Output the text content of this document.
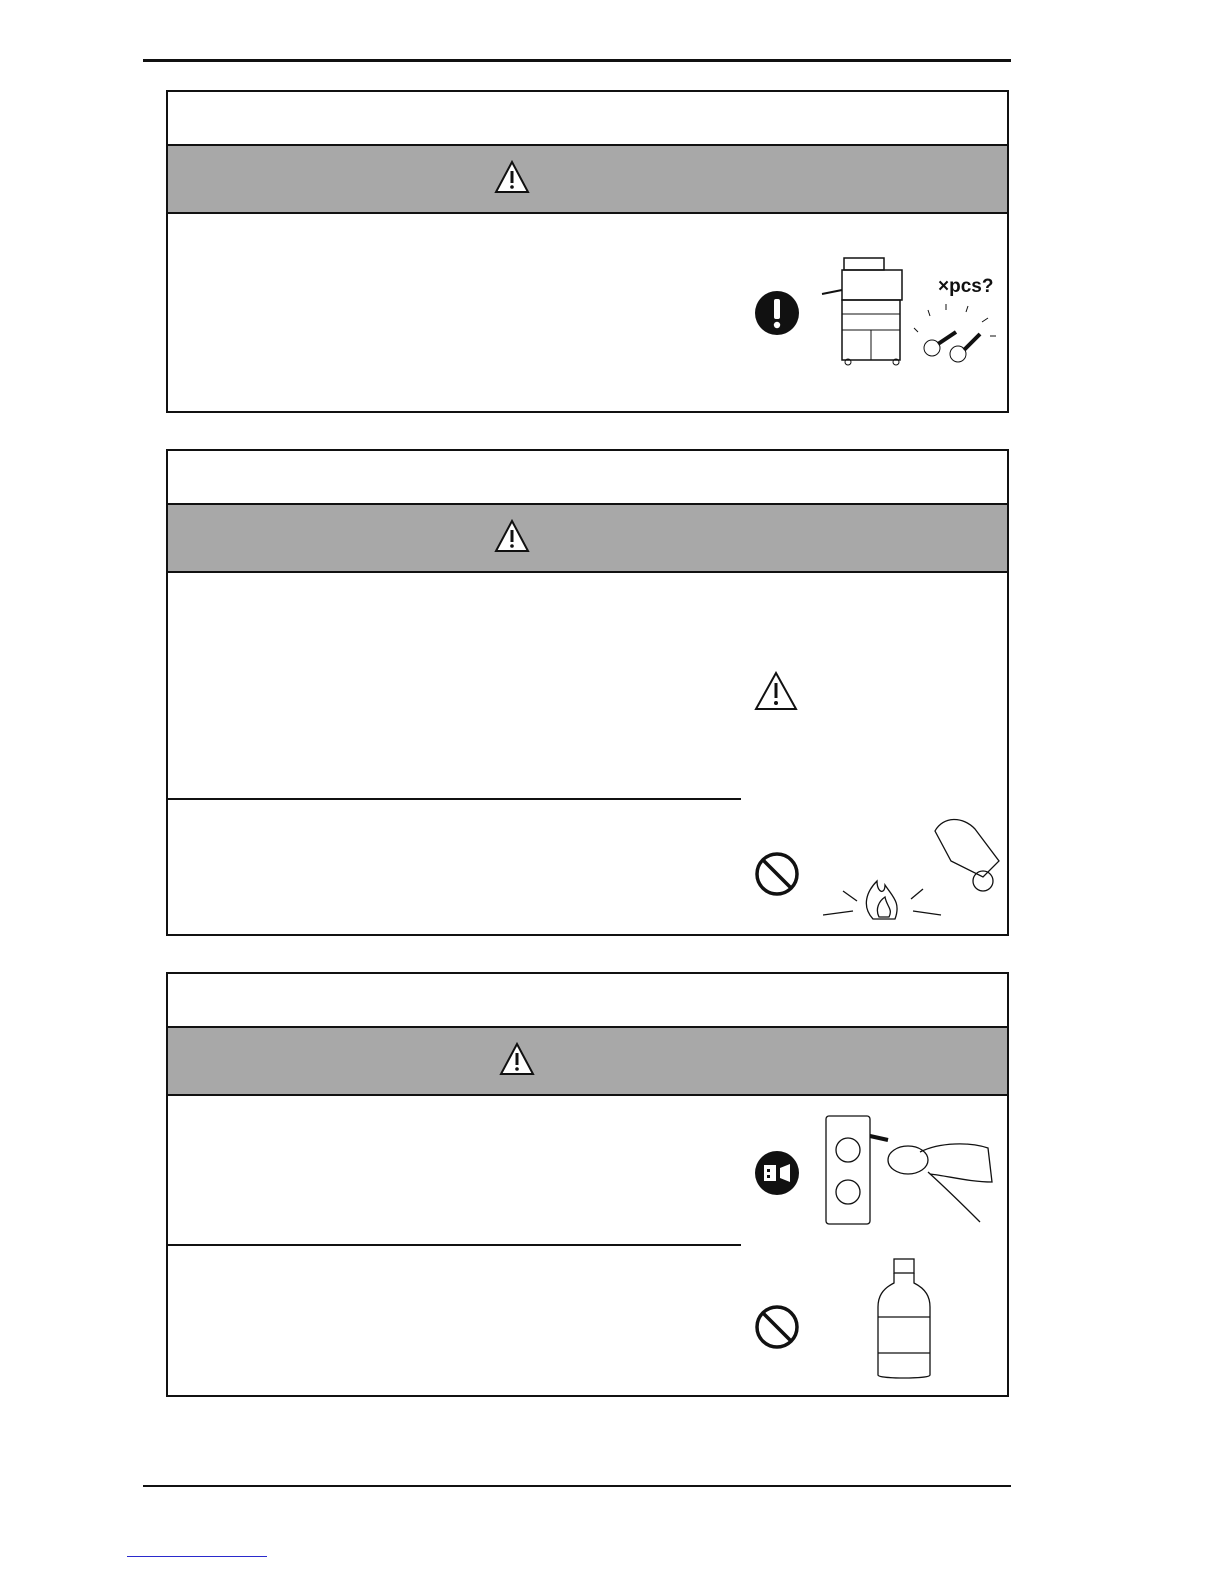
×pcs?
